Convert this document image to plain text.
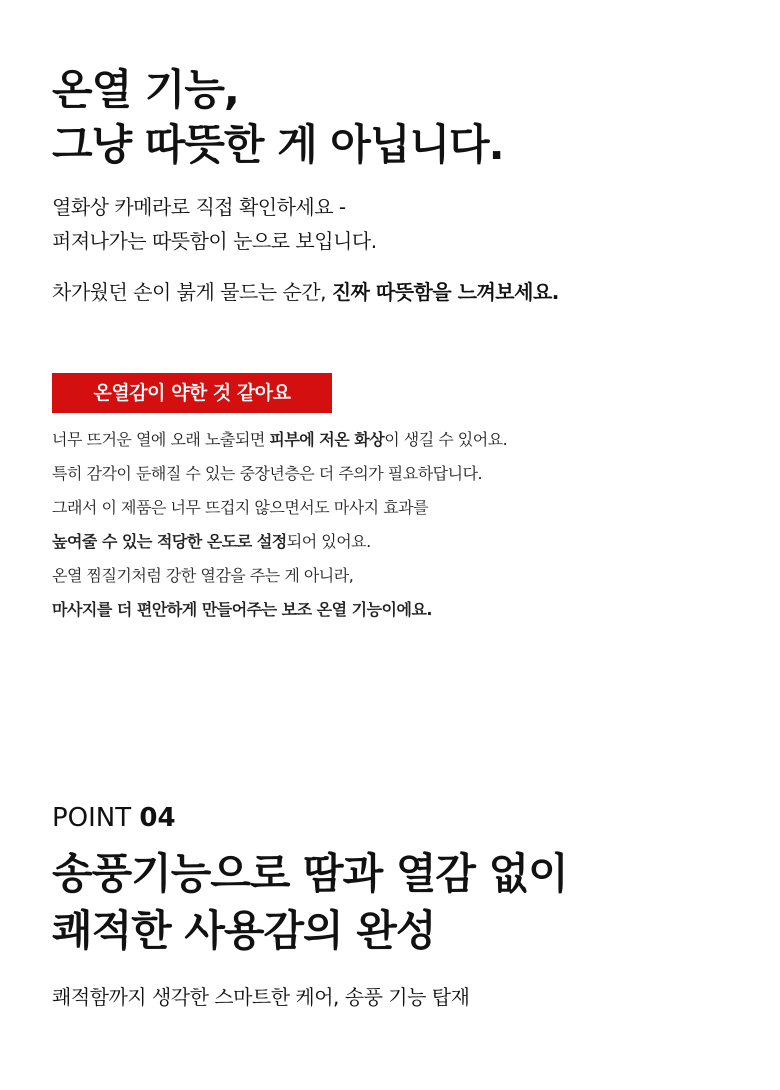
온열 기능,
그냥 따뜻한 게 아닙니다.

열화상 카메라로 직접 확인하세요 -
퍼져나가는 따뜻함이 눈으로 보입니다.

차가웠던 손이 붉게 물드는 순간, 진짜 따뜻함을 느껴보세요.

온열감이 약한 것 같아요
너무 뜨거운 열에 오래 노출되면 피부에 저온 화상이 생길 수 있어요.
특히 감각이 둔해질 수 있는 중장년층은 더 주의가 필요하답니다.
그래서 이 제품은 너무 뜨겁지 않으면서도 마사지 효과를
높여줄 수 있는 적당한 온도로 설정되어 있어요.
온열 찜질기처럼 강한 열감을 주는 게 아니라,
마사지를 더 편안하게 만들어주는 보조 온열 기능이에요.
POINT 04
송풍기능으로 땀과 열감 없이
쾌적한 사용감의 완성

쾌적함까지 생각한 스마트한 케어, 송풍 기능 탑재
